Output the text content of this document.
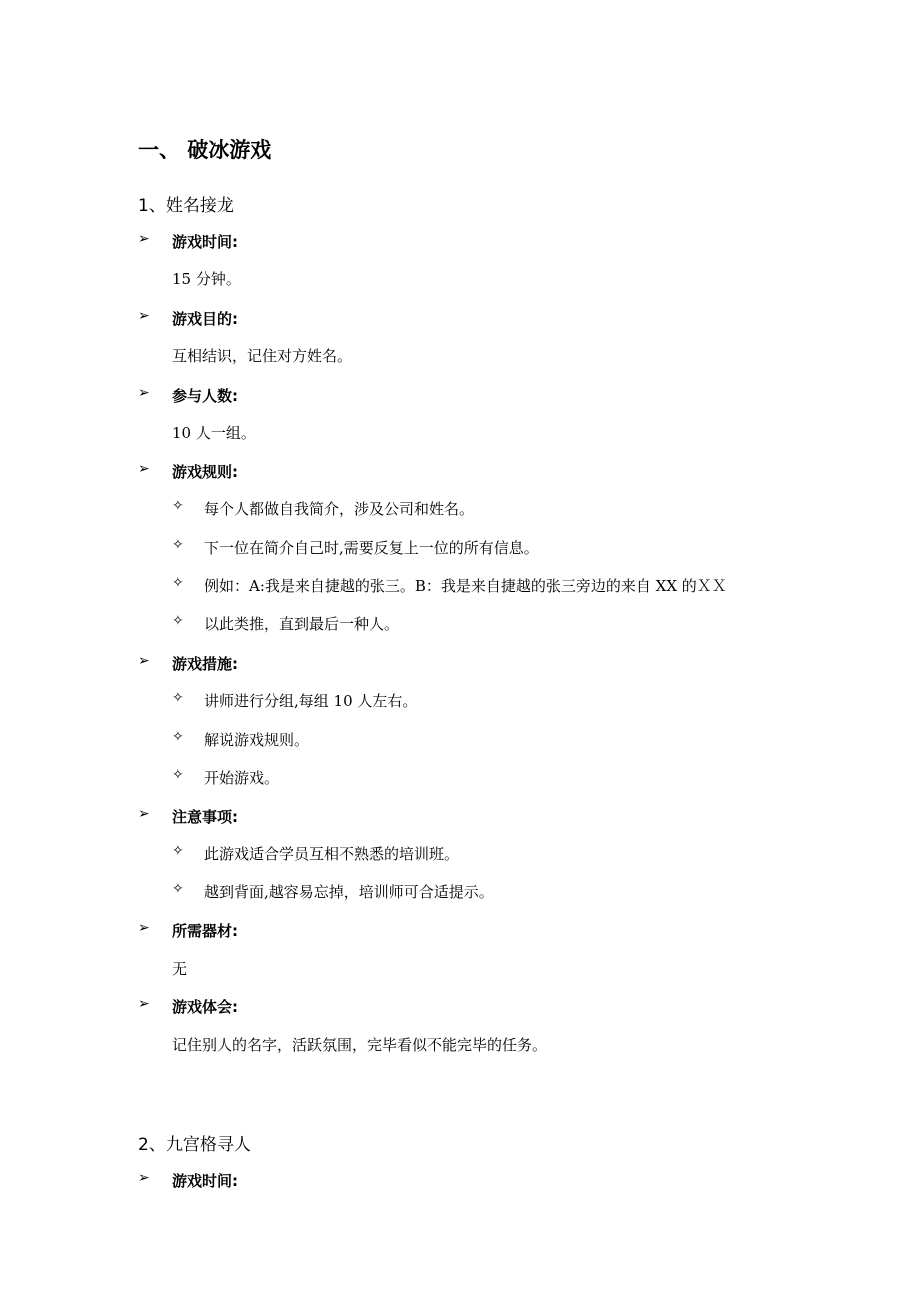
一、 破冰游戏
1、姓名接龙
➢ 游戏时间:
15 分钟。
➢ 游戏目的:
互相结识，记住对方姓名。
➢ 参与人数:
10 人一组。
➢ 游戏规则:
✧ 每个人都做自我简介，涉及公司和姓名。
✧ 下一位在简介自己时,需要反复上一位的所有信息。
✧ 例如：A:我是来自捷越的张三。B：我是来自捷越的张三旁边的来自 XX 的ＸＸ
✧ 以此类推，直到最后一种人。
➢ 游戏措施:
✧ 讲师进行分组,每组 10 人左右。
✧ 解说游戏规则。
✧ 开始游戏。
➢ 注意事项:
✧ 此游戏适合学员互相不熟悉的培训班。
✧ 越到背面,越容易忘掉，培训师可合适提示。
➢ 所需器材:
无
➢ 游戏体会:
记住别人的名字，活跃氛围，完毕看似不能完毕的任务。
2、九宫格寻人
➢ 游戏时间:
